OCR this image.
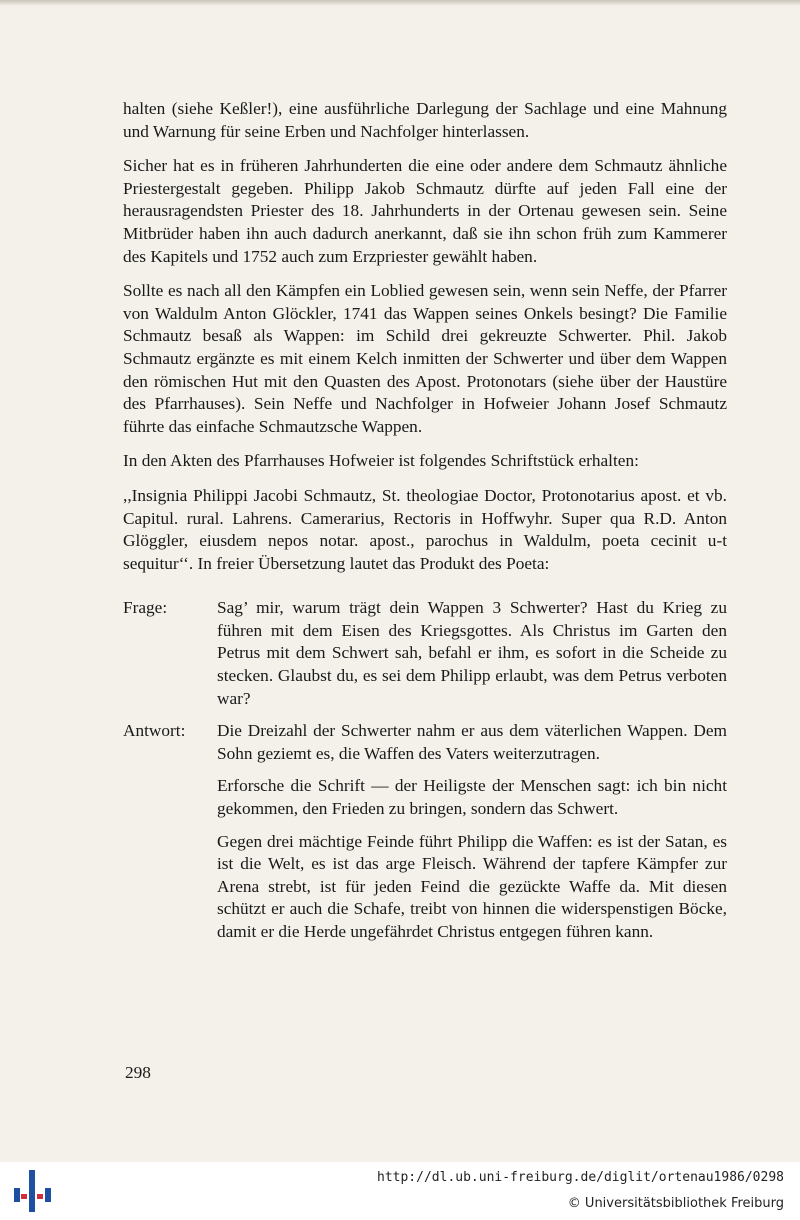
halten (siehe Keßler!), eine ausführliche Darlegung der Sachlage und eine Mahnung und Warnung für seine Erben und Nachfolger hinterlassen.

Sicher hat es in früheren Jahrhunderten die eine oder andere dem Schmautz ähnliche Priestergestalt gegeben. Philipp Jakob Schmautz dürfte auf jeden Fall eine der herausragendsten Priester des 18. Jahrhunderts in der Ortenau gewesen sein. Seine Mitbrüder haben ihn auch dadurch anerkannt, daß sie ihn schon früh zum Kammerer des Kapitels und 1752 auch zum Erzpriester gewählt haben.

Sollte es nach all den Kämpfen ein Loblied gewesen sein, wenn sein Neffe, der Pfarrer von Waldulm Anton Glöckler, 1741 das Wappen seines Onkels besingt? Die Familie Schmautz besaß als Wappen: im Schild drei gekreuzte Schwerter. Phil. Jakob Schmautz ergänzte es mit einem Kelch inmitten der Schwerter und über dem Wappen den römischen Hut mit den Quasten des Apost. Protonotars (siehe über der Haustüre des Pfarrhauses). Sein Neffe und Nachfolger in Hofweier Johann Josef Schmautz führte das einfache Schmautzsche Wappen.

In den Akten des Pfarrhauses Hofweier ist folgendes Schriftstück erhalten:

,,Insignia Philippi Jacobi Schmautz, St. theologiae Doctor, Protonotarius apost. et vb. Capitul. rural. Lahrens. Camerarius, Rectoris in Hoffwyhr. Super qua R.D. Anton Glöggler, eiusdem nepos notar. apost., parochus in Waldulm, poeta cecinit u-t sequitur‘‘. In freier Übersetzung lautet das Produkt des Poeta:

Frage:	Sag’ mir, warum trägt dein Wappen 3 Schwerter? Hast du Krieg zu führen mit dem Eisen des Kriegsgottes. Als Christus im Garten den Petrus mit dem Schwert sah, befahl er ihm, es sofort in die Scheide zu stecken. Glaubst du, es sei dem Philipp erlaubt, was dem Petrus verboten war?

Antwort:	Die Dreizahl der Schwerter nahm er aus dem väterlichen Wappen. Dem Sohn geziemt es, die Waffen des Vaters weiterzutragen.

Erforsche die Schrift — der Heiligste der Menschen sagt: ich bin nicht gekommen, den Frieden zu bringen, sondern das Schwert.

Gegen drei mächtige Feinde führt Philipp die Waffen: es ist der Satan, es ist die Welt, es ist das arge Fleisch. Während der tapfere Kämpfer zur Arena strebt, ist für jeden Feind die gezückte Waffe da. Mit diesen schützt er auch die Schafe, treibt von hinnen die widerspenstigen Böcke, damit er die Herde ungefährdet Christus entgegen führen kann.

298
http://dl.ub.uni-freiburg.de/diglit/ortenau1986/0298
© Universitätsbibliothek Freiburg
